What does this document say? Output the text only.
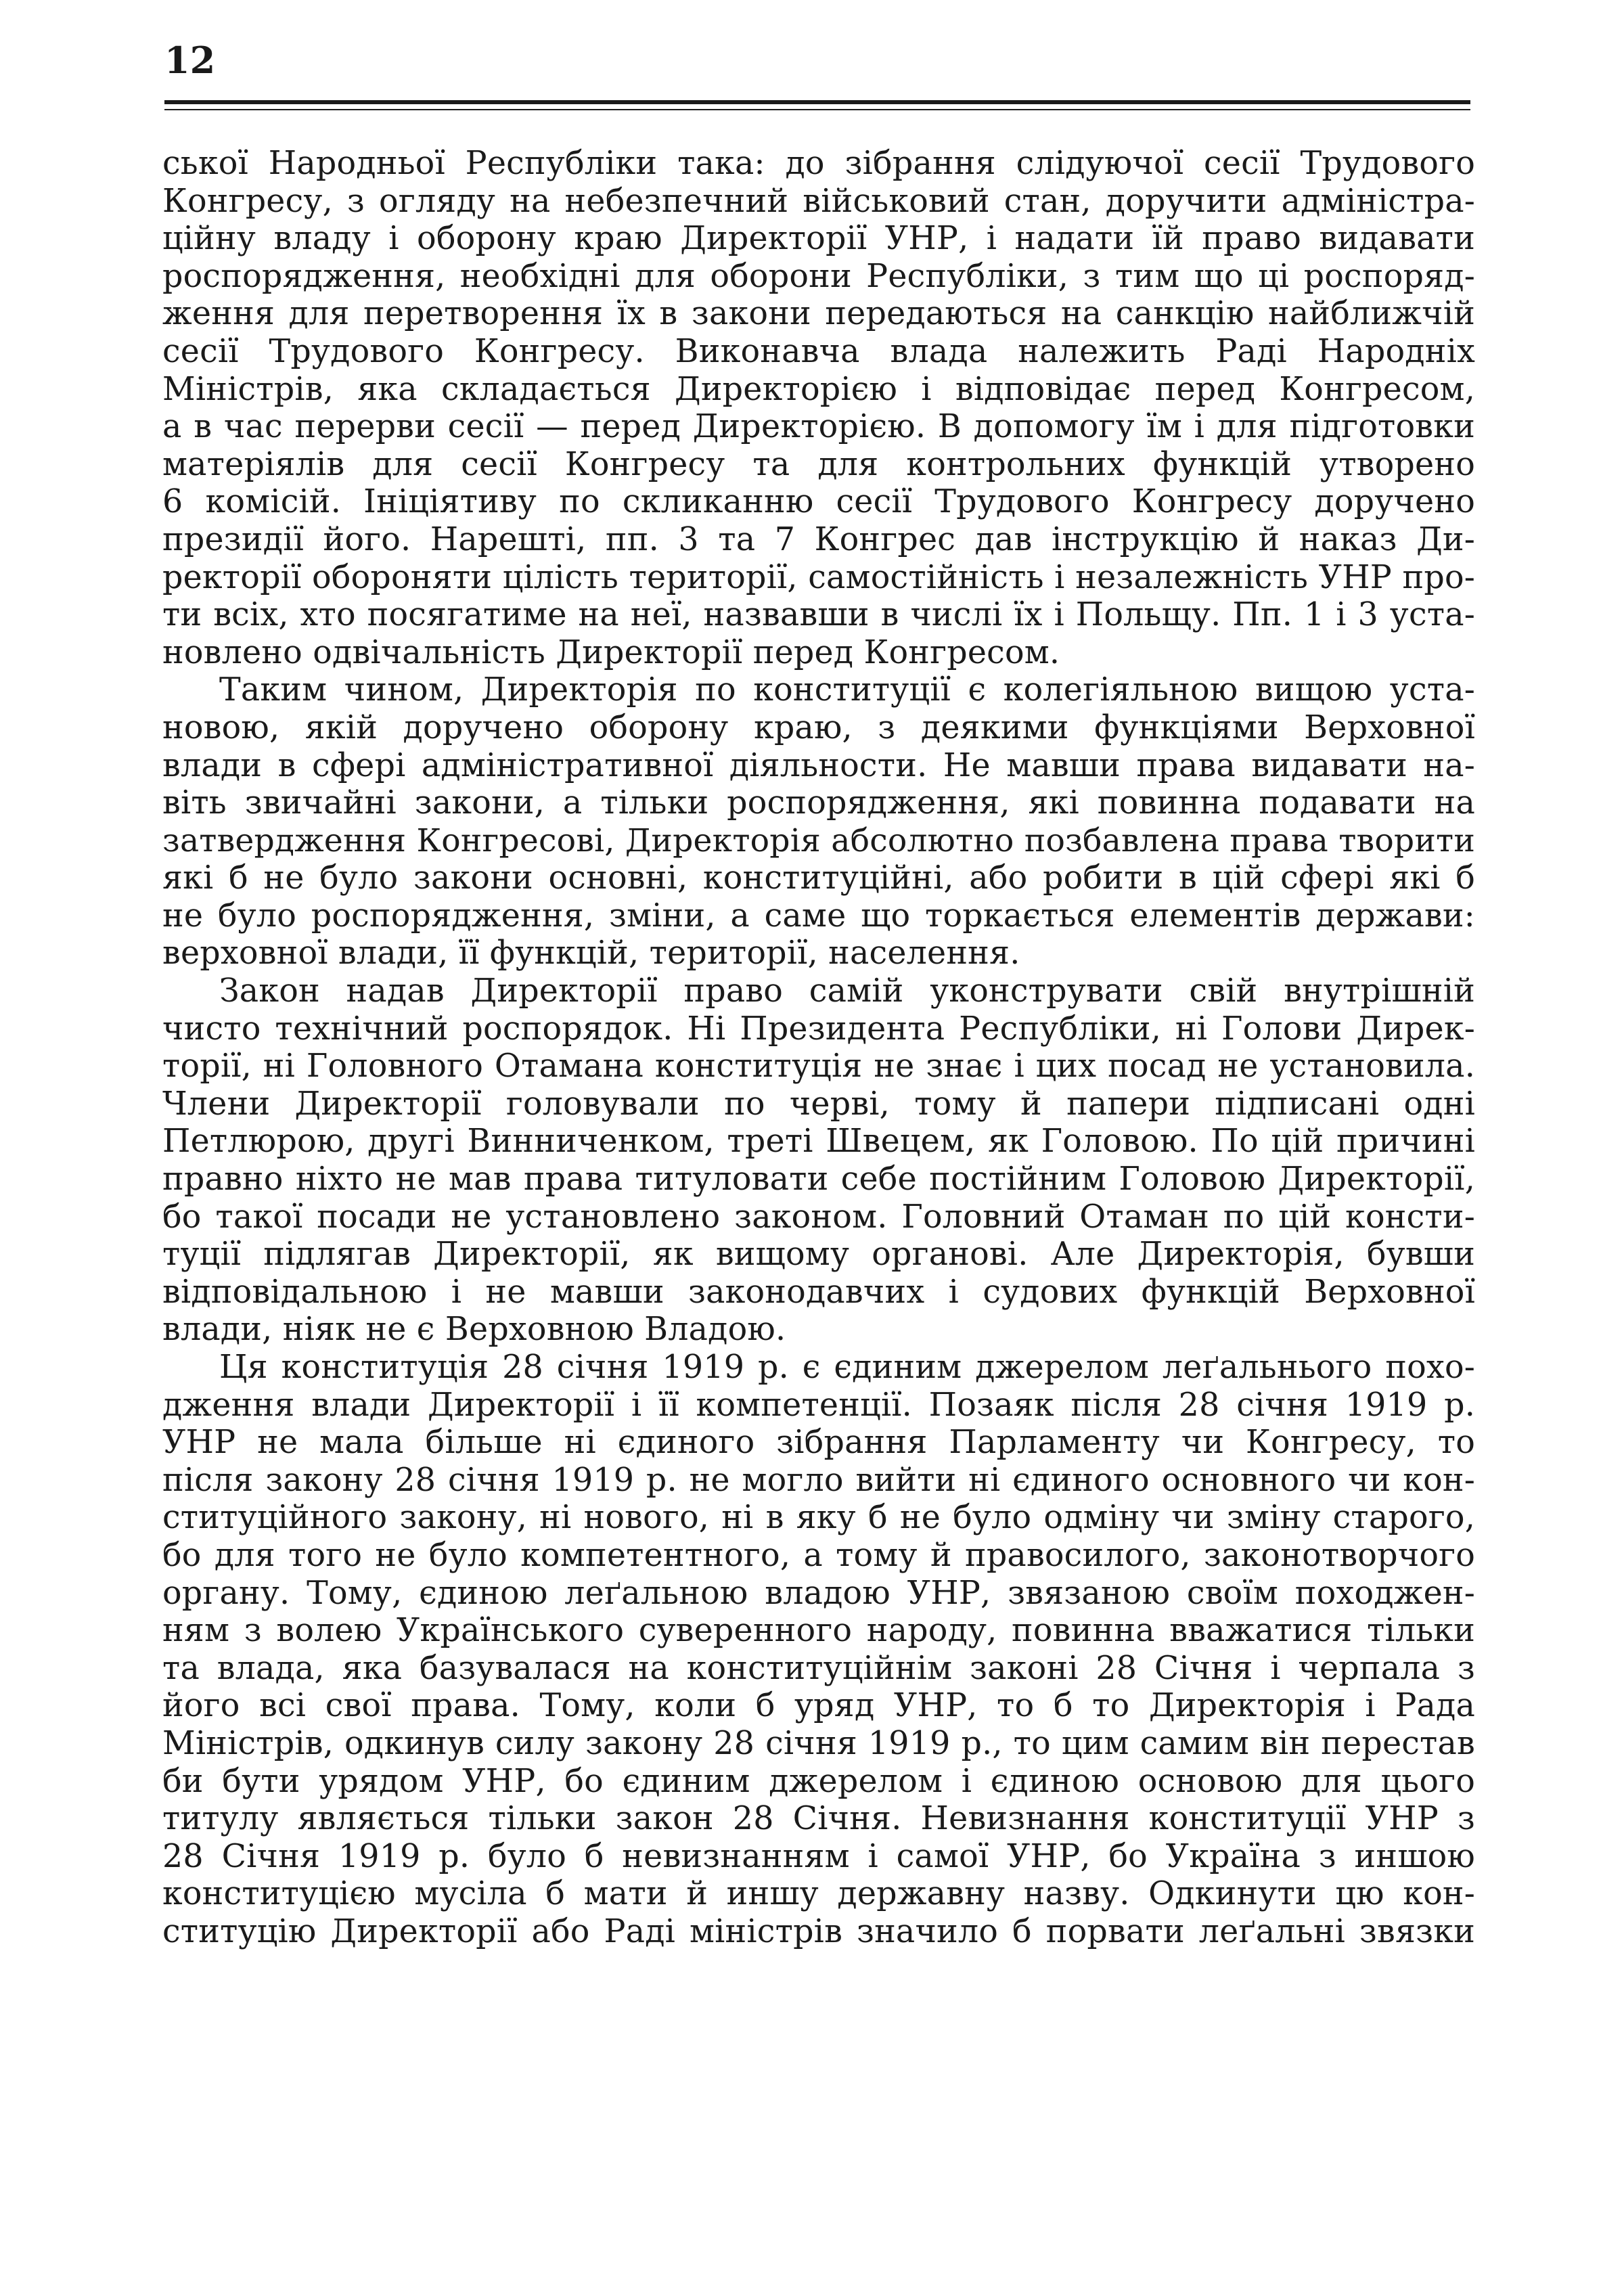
12
ської Народньої Республіки така: до зібрання слідуючої сесії Трудового
Конгресу, з огляду на небезпечний військовий стан, доручити адміністра-
ційну владу і оборону краю Директорії УНР, і надати їй право видавати
роспорядження, необхідні для оборони Республіки, з тим що ці роспоряд-
ження для перетворення їх в закони передаються на санкцію найближчій
сесії Трудового Конгресу. Виконавча влада належить Раді Народніх
Міністрів, яка складається Директорією і відповідає перед Конгресом,
а в час перерви сесії — перед Директорією. В допомогу їм і для підготовки
матеріялів для сесії Конгресу та для контрольних функцій утворено
6 комісій. Ініціятиву по скликанню сесії Трудового Конгресу доручено
президії його. Нарешті, пп. 3 та 7 Конгрес дав інструкцію й наказ Ди-
ректорії обороняти цілість території, самостійність і незалежність УНР про-
ти всіх, хто посягатиме на неї, назвавши в числі їх і Польщу. Пп. 1 і 3 уста-
новлено одвічальність Директорії перед Конгресом.
Таким чином, Директорія по конституції є колегіяльною вищою уста-
новою, якій доручено оборону краю, з деякими функціями Верховної
влади в сфері адміністративної діяльности. Не мавши права видавати на-
віть звичайні закони, а тільки роспорядження, які повинна подавати на
затвердження Конгресові, Директорія абсолютно позбавлена права творити
які б не було закони основні, конституційні, або робити в цій сфері які б
не було роспорядження, зміни, а саме що торкається елементів держави:
верховної влади, її функцій, території, населення.
Закон надав Директорії право самій уконструвати свій внутрішній
чисто технічний роспорядок. Ні Президента Республіки, ні Голови Дирек-
торії, ні Головного Отамана конституція не знає і цих посад не установила.
Члени Директорії головували по черві, тому й папери підписані одні
Петлюрою, другі Винниченком, треті Швецем, як Головою. По цій причині
правно ніхто не мав права титуловати себе постійним Головою Директорії,
бо такої посади не установлено законом. Головний Отаман по цій консти-
туції підлягав Директорії, як вищому органові. Але Директорія, бувши
відповідальною і не мавши законодавчих і судових функцій Верховної
влади, ніяк не є Верховною Владою.
Ця конституція 28 січня 1919 р. є єдиним джерелом леґальнього похо-
дження влади Директорії і її компетенції. Позаяк після 28 січня 1919 р.
УНР не мала більше ні єдиного зібрання Парламенту чи Конгресу, то
після закону 28 січня 1919 р. не могло вийти ні єдиного основного чи кон-
ституційного закону, ні нового, ні в яку б не було одміну чи зміну старого,
бо для того не було компетентного, а тому й правосилого, законотворчого
органу. Тому, єдиною леґальною владою УНР, звязаною своїм походжен-
ням з волею Українського суверенного народу, повинна вважатися тільки
та влада, яка базувалася на конституційнім законі 28 Січня і черпала з
його всі свої права. Тому, коли б уряд УНР, то б то Директорія і Рада
Міністрів, одкинув силу закону 28 січня 1919 р., то цим самим він перестав
би бути урядом УНР, бо єдиним джерелом і єдиною основою для цього
титулу являється тільки закон 28 Січня. Невизнання конституції УНР з
28 Січня 1919 р. було б невизнанням і самої УНР, бо Україна з иншою
конституцією мусіла б мати й иншу державну назву. Одкинути цю кон-
ституцію Директорії або Раді міністрів значило б порвати леґальні звязки
